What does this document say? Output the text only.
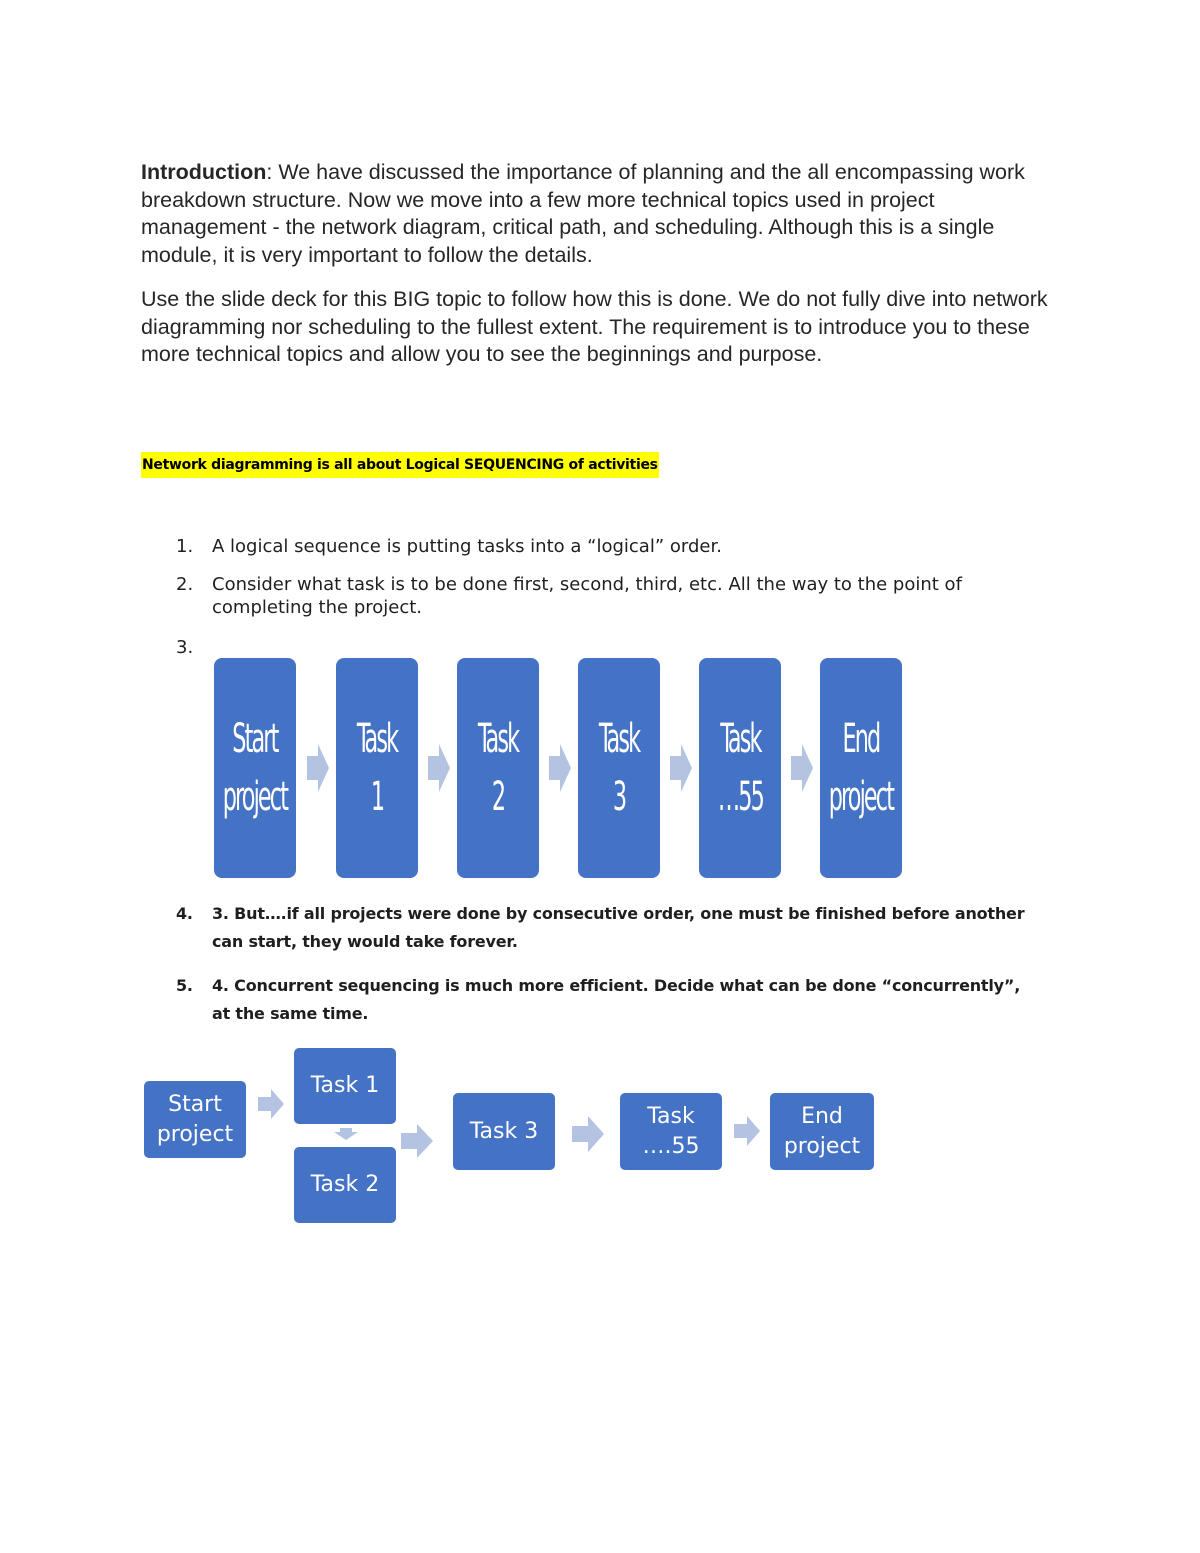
Introduction: We have discussed the importance of planning and the all encompassing work breakdown structure. Now we move into a few more technical topics used in project management - the network diagram, critical path, and scheduling. Although this is a single module, it is very important to follow the details.

Use the slide deck for this BIG topic to follow how this is done. We do not fully dive into network diagramming nor scheduling to the fullest extent. The requirement is to introduce you to these more technical topics and allow you to see the beginnings and purpose.

Network diagramming is all about Logical SEQUENCING of activities
1. A logical sequence is putting tasks into a “logical” order.
2. Consider what task is to be done first, second, third, etc. All the way to the point of completing the project.
3.
Start
project
Task 1
Task 2
Task 3
Task
…55
End
project
4. 3. But….if all projects were done by consecutive order, one must be finished before another can start, they would take forever.
5. 4. Concurrent sequencing is much more efficient. Decide what can be done “concurrently”, at the same time.
Start
project
Task 1
Task 2
Task 3
Task
….55
End
project
